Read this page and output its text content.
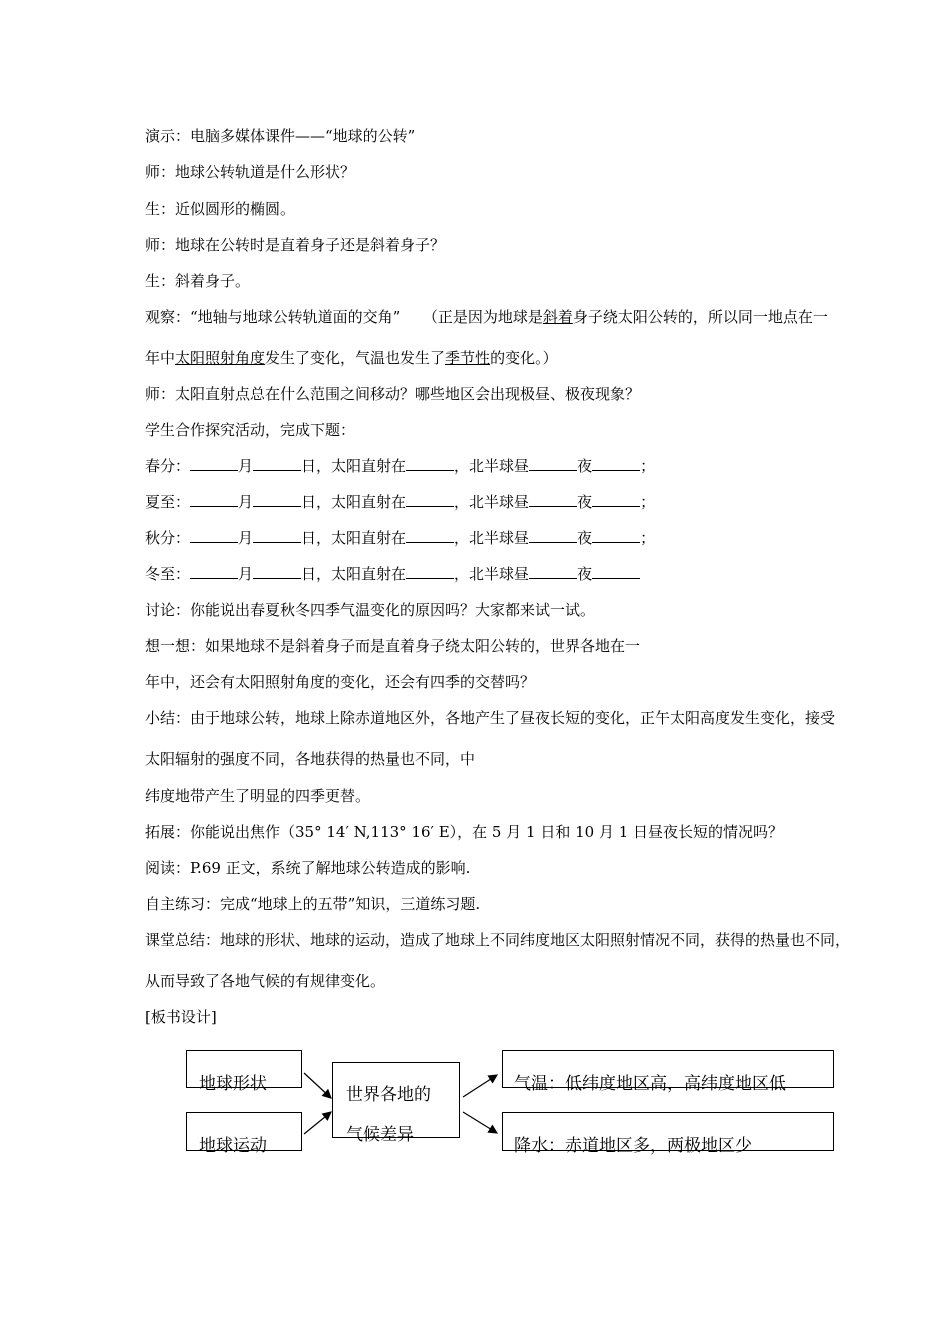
演示：电脑多媒体课件——“地球的公转”
师：地球公转轨道是什么形状？
生：近似圆形的椭圆。
师：地球在公转时是直着身子还是斜着身子？
生：斜着身子。
观察：“地轴与地球公转轨道面的交角”　　（正是因为地球是斜着身子绕太阳公转的，所以同一地点在一
年中太阳照射角度发生了变化，气温也发生了季节性的变化。）
师：太阳直射点总在什么范围之间移动？哪些地区会出现极昼、极夜现象？
学生合作探究活动，完成下题：
春分：	月	日，太阳直射在	，北半球昼	夜	；
夏至：	月	日，太阳直射在	，北半球昼	夜	；
秋分：	月	日，太阳直射在	，北半球昼	夜	；
冬至：	月	日，太阳直射在	，北半球昼	夜
讨论：你能说出春夏秋冬四季气温变化的原因吗？大家都来试一试。
想一想：如果地球不是斜着身子而是直着身子绕太阳公转的，世界各地在一
年中，还会有太阳照射角度的变化，还会有四季的交替吗？
小结：由于地球公转，地球上除赤道地区外，各地产生了昼夜长短的变化，正午太阳高度发生变化，接受
太阳辐射的强度不同，各地获得的热量也不同，中
纬度地带产生了明显的四季更替。
拓展：你能说出焦作（35° 14′ N,113° 16′ E），在 5 月 1 日和 10 月 1 日昼夜长短的情况吗？
阅读：P.69 正文，系统了解地球公转造成的影响.
自主练习：完成“地球上的五带”知识，三道练习题.
课堂总结：地球的形状、地球的运动，造成了地球上不同纬度地区太阳照射情况不同，获得的热量也不同，
从而导致了各地气候的有规律变化。
[板书设计]
地球形状
地球运动
世界各地的
气候差异
气温：低纬度地区高，高纬度地区低
降水：赤道地区多，两极地区少
